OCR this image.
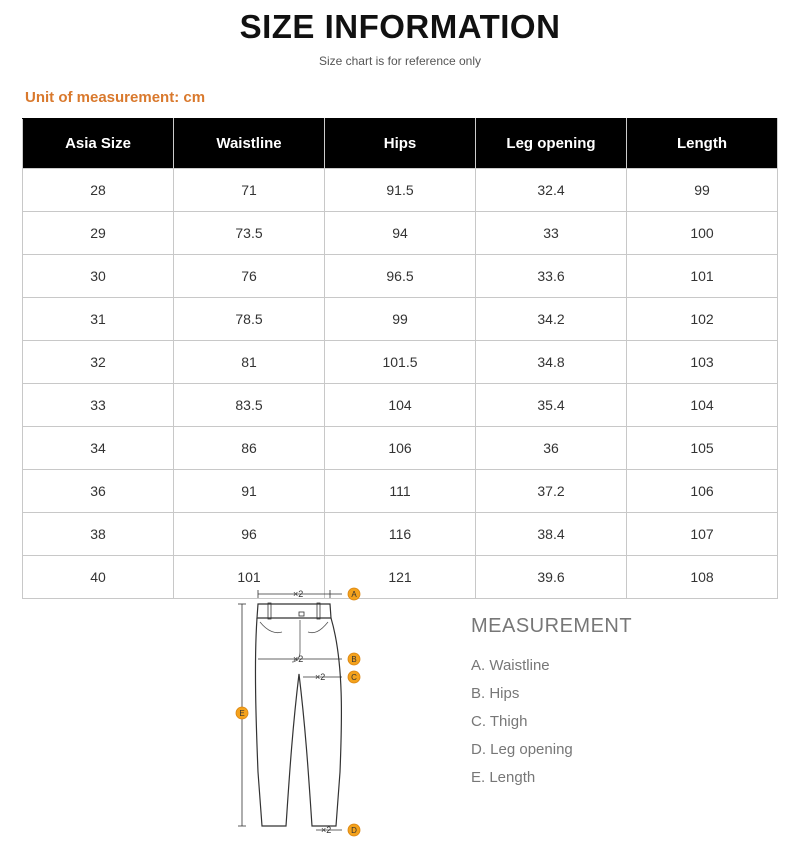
SIZE INFORMATION
Size chart is for reference only
Unit of measurement: cm
Asia Size	Waistline	Hips	Leg opening	Length
28	71	91.5	32.4	99
29	73.5	94	33	100
30	76	96.5	33.6	101
31	78.5	99	34.2	102
32	81	101.5	34.8	103
33	83.5	104	35.4	104
34	86	106	36	105
36	91	111	37.2	106
38	96	116	38.4	107
40	101	121	39.6	108
×2	A
×2	B
×2	C
E
×2 D
MEASUREMENT
A. Waistline
B. Hips
C. Thigh
D. Leg opening
E. Length
